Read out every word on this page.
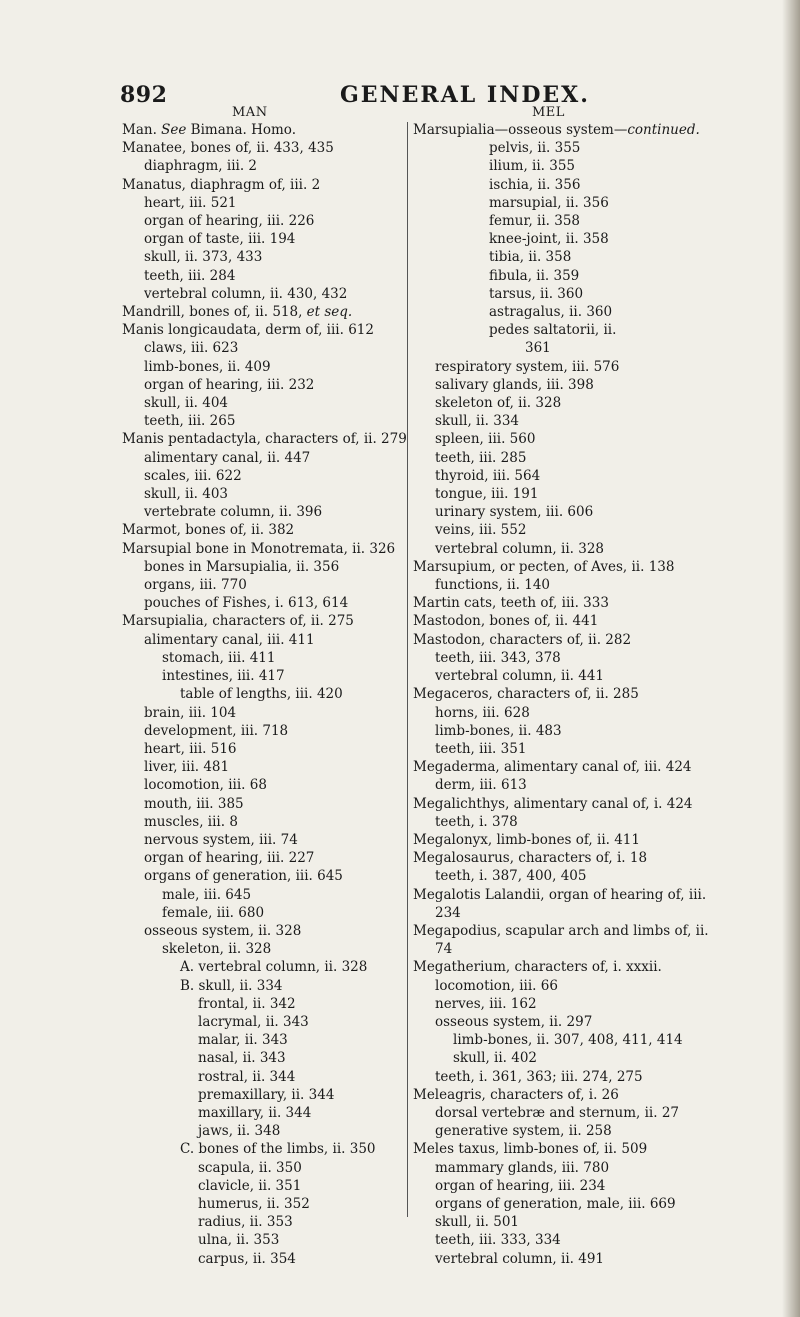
892	GENERAL INDEX.
MAN	MEL
Man. See Bimana. Homo.
Manatee, bones of, ii. 433, 435
diaphragm, iii. 2
Manatus, diaphragm of, iii. 2
heart, iii. 521
organ of hearing, iii. 226
organ of taste, iii. 194
skull, ii. 373, 433
teeth, iii. 284
vertebral column, ii. 430, 432
Mandrill, bones of, ii. 518, et seq.
Manis longicaudata, derm of, iii. 612
claws, iii. 623
limb-bones, ii. 409
organ of hearing, iii. 232
skull, ii. 404
teeth, iii. 265
Manis pentadactyla, characters of, ii. 279
alimentary canal, ii. 447
scales, iii. 622
skull, ii. 403
vertebrate column, ii. 396
Marmot, bones of, ii. 382
Marsupial bone in Monotremata, ii. 326
bones in Marsupialia, ii. 356
organs, iii. 770
pouches of Fishes, i. 613, 614
Marsupialia, characters of, ii. 275
alimentary canal, iii. 411
stomach, iii. 411
intestines, iii. 417
table of lengths, iii. 420
brain, iii. 104
development, iii. 718
heart, iii. 516
liver, iii. 481
locomotion, iii. 68
mouth, iii. 385
muscles, iii. 8
nervous system, iii. 74
organ of hearing, iii. 227
organs of generation, iii. 645
male, iii. 645
female, iii. 680
osseous system, ii. 328
skeleton, ii. 328
A. vertebral column, ii. 328
B. skull, ii. 334
frontal, ii. 342
lacrymal, ii. 343
malar, ii. 343
nasal, ii. 343
rostral, ii. 344
premaxillary, ii. 344
maxillary, ii. 344
jaws, ii. 348
C. bones of the limbs, ii. 350
scapula, ii. 350
clavicle, ii. 351
humerus, ii. 352
radius, ii. 353
ulna, ii. 353
carpus, ii. 354
Marsupialia—osseous system—continued.
pelvis, ii. 355
ilium, ii. 355
ischia, ii. 356
marsupial, ii. 356
femur, ii. 358
knee-joint, ii. 358
tibia, ii. 358
fibula, ii. 359
tarsus, ii. 360
astragalus, ii. 360
pedes saltatorii, ii.
361
respiratory system, iii. 576
salivary glands, iii. 398
skeleton of, ii. 328
skull, ii. 334
spleen, iii. 560
teeth, iii. 285
thyroid, iii. 564
tongue, iii. 191
urinary system, iii. 606
veins, iii. 552
vertebral column, ii. 328
Marsupium, or pecten, of Aves, ii. 138
functions, ii. 140
Martin cats, teeth of, iii. 333
Mastodon, bones of, ii. 441
Mastodon, characters of, ii. 282
teeth, iii. 343, 378
vertebral column, ii. 441
Megaceros, characters of, ii. 285
horns, iii. 628
limb-bones, ii. 483
teeth, iii. 351
Megaderma, alimentary canal of, iii. 424
derm, iii. 613
Megalichthys, alimentary canal of, i. 424
teeth, i. 378
Megalonyx, limb-bones of, ii. 411
Megalosaurus, characters of, i. 18
teeth, i. 387, 400, 405
Megalotis Lalandii, organ of hearing of, iii.
234
Megapodius, scapular arch and limbs of, ii.
74
Megatherium, characters of, i. xxxii.
locomotion, iii. 66
nerves, iii. 162
osseous system, ii. 297
limb-bones, ii. 307, 408, 411, 414
skull, ii. 402
teeth, i. 361, 363; iii. 274, 275
Meleagris, characters of, i. 26
dorsal vertebræ and sternum, ii. 27
generative system, ii. 258
Meles taxus, limb-bones of, ii. 509
mammary glands, iii. 780
organ of hearing, iii. 234
organs of generation, male, iii. 669
skull, ii. 501
teeth, iii. 333, 334
vertebral column, ii. 491
